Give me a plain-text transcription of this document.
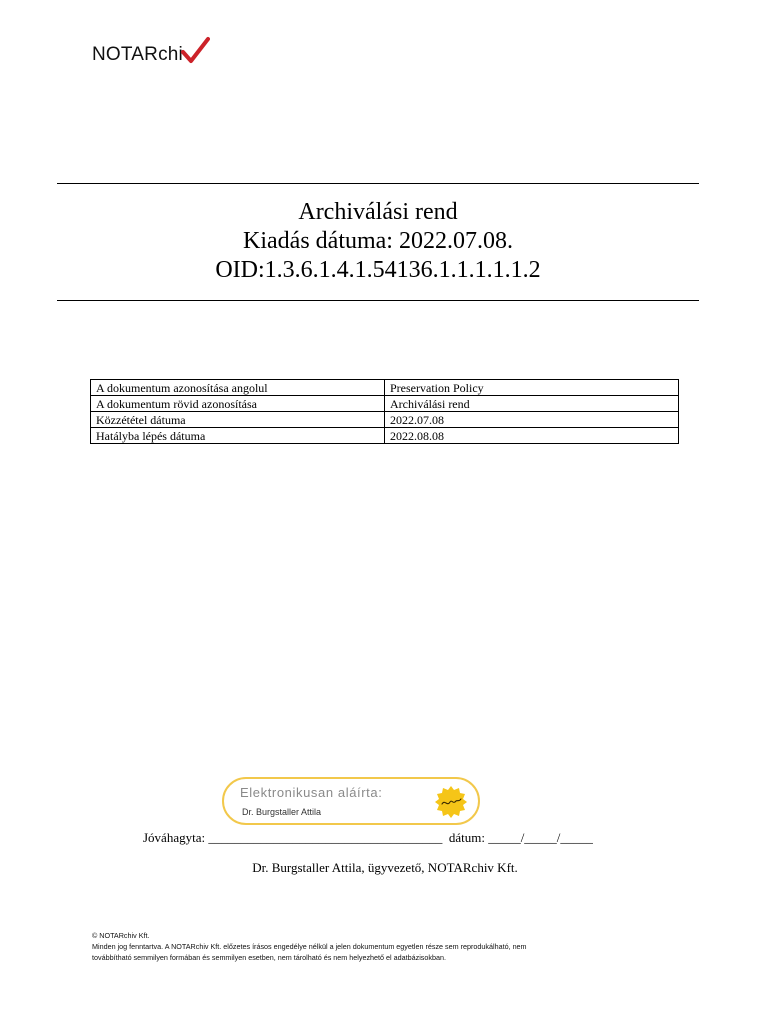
NOTARchi
Archiválási rend
Kiadás dátuma: 2022.07.08.
OID:1.3.6.1.4.1.54136.1.1.1.1.1.2
A dokumentum azonosítása angolul	Preservation Policy
A dokumentum rövid azonosítása	Archiválási rend
Közzététel dátuma	2022.07.08
Hatályba lépés dátuma	2022.08.08
Elektronikusan aláírta:
Dr. Burgstaller Attila
Jóváhagyta: ____________________________________  dátum: _____/_____/_____
Dr. Burgstaller Attila, ügyvezető, NOTARchiv Kft.
© NOTARchiv Kft.
Minden jog fenntartva. A NOTARchiv Kft. előzetes írásos engedélye nélkül a jelen dokumentum egyetlen része sem reprodukálható, nem
továbbítható semmilyen formában és semmilyen esetben, nem tárolható és nem helyezhető el adatbázisokban.
